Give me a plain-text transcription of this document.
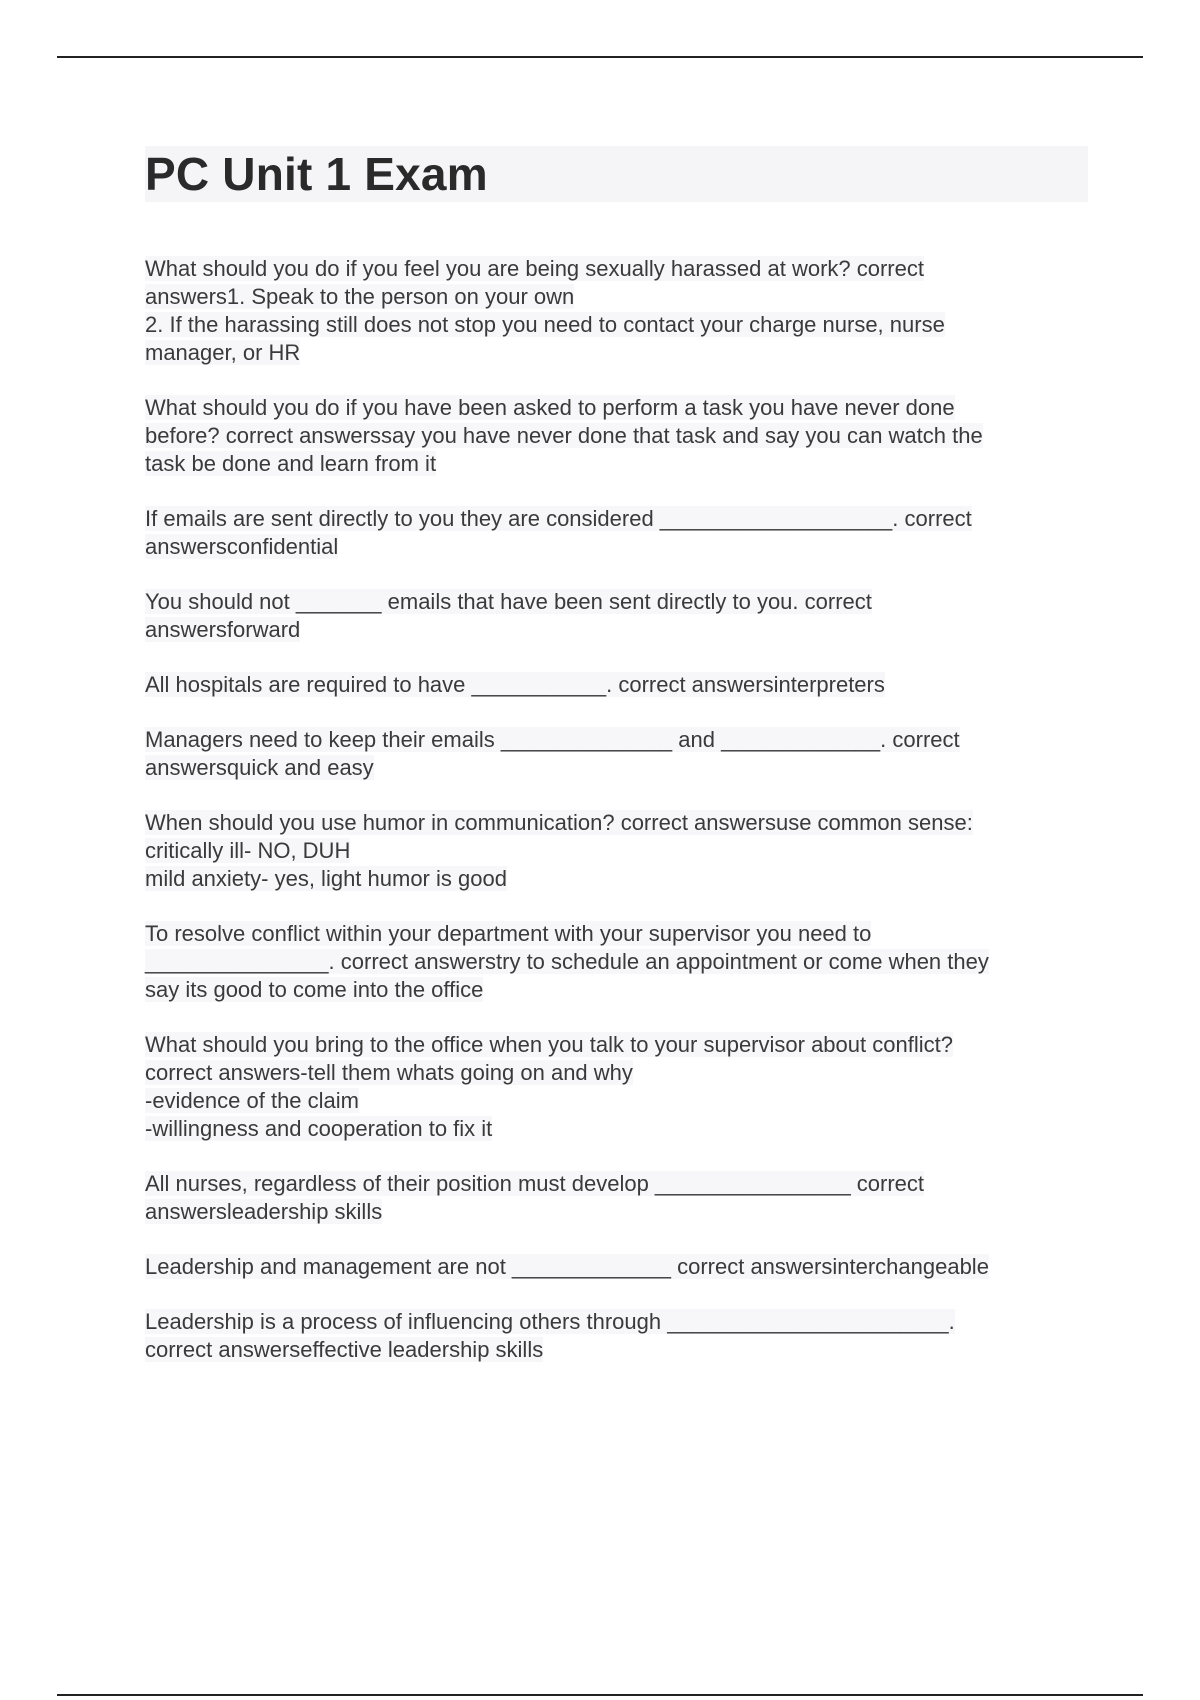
PC Unit 1 Exam
What should you do if you feel you are being sexually harassed at work? correct
answers1. Speak to the person on your own
2. If the harassing still does not stop you need to contact your charge nurse, nurse
manager, or HR
What should you do if you have been asked to perform a task you have never done
before? correct answerssay you have never done that task and say you can watch the
task be done and learn from it
If emails are sent directly to you they are considered ___________________. correct
answersconfidential
You should not _______ emails that have been sent directly to you. correct
answersforward
All hospitals are required to have ___________. correct answersinterpreters
Managers need to keep their emails ______________ and _____________. correct
answersquick and easy
When should you use humor in communication? correct answersuse common sense:
critically ill- NO, DUH
mild anxiety- yes, light humor is good
To resolve conflict within your department with your supervisor you need to
_______________. correct answerstry to schedule an appointment or come when they
say its good to come into the office
What should you bring to the office when you talk to your supervisor about conflict?
correct answers-tell them whats going on and why
-evidence of the claim
-willingness and cooperation to fix it
All nurses, regardless of their position must develop ________________ correct
answersleadership skills
Leadership and management are not _____________ correct answersinterchangeable
Leadership is a process of influencing others through _______________________.
correct answerseffective leadership skills
